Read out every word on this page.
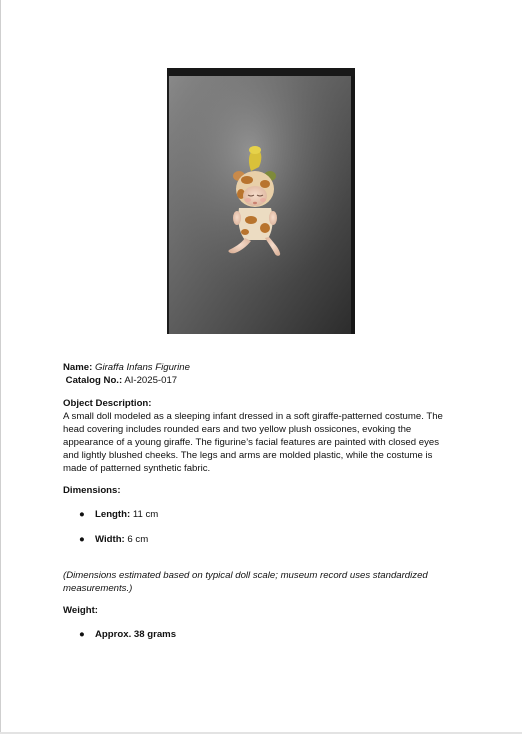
Name: Giraffa Infans Figurine
Catalog No.: AI-2025-017
Object Description:
A small doll modeled as a sleeping infant dressed in a soft giraffe-patterned costume. The
head covering includes rounded ears and two yellow plush ossicones, evoking the
appearance of a young giraffe. The figurine’s facial features are painted with closed eyes
and lightly blushed cheeks. The legs and arms are molded plastic, while the costume is
made of patterned synthetic fabric.
Dimensions:
● Length: 11 cm
● Width: 6 cm
(Dimensions estimated based on typical doll scale; museum record uses standardized
measurements.)
Weight:
● Approx. 38 grams
